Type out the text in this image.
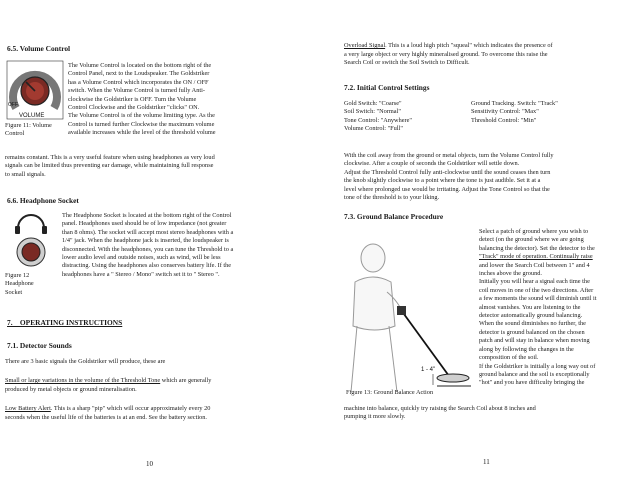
6.5. Volume Control
OFF
VOLUME
The Volume Control is located on the bottom right of the
Control Panel, next to the Loudspeaker. The Goldstriker
has a Volume Control which incorporates the ON / OFF
switch. When the Volume Control is turned fully Anti-
clockwise the Goldstriker is OFF. Turn the Volume
Control Clockwise and the Goldstriker "clicks" ON.
The Volume Control is of the volume limiting type. As the
Control is turned further Clockwise the maximum volume
available increases while the level of the threshold volume
Figure 11: Volume
Control
remains constant. This is a very useful feature when using headphones as very loud
signals can be limited thus preventing ear damage, while maintaining full response
to small signals.
6.6. Headphone Socket
The Headphone Socket is located at the bottom right of the Control
panel. Headphones used should be of low impedance (not greater
than 8 ohms). The socket will accept most stereo headphones with a
1/4" jack. When the headphone jack is inserted, the loudspeaker is
disconnected. With the headphones, you can tune the Threshold to a
lower audio level and outside noises, such as wind, will be less
distracting. Using the headphones also conserves battery life. If the
headphones have a " Stereo / Mono" switch set it to " Stereo ".
Figure 12
Headphone
Socket
7.    OPERATING INSTRUCTIONS
7.1. Detector Sounds
There are 3 basic signals the Goldstriker will produce, these are
Small or large variations in the volume of the Threshold Tone which are generally
produced by metal objects or ground mineralisation.
Low Battery Alert. This is a sharp "pip" which will occur approximately every 20
seconds when the useful life of the batteries is at an end. See the battery section.
10
Overload Signal. This is a loud high pitch "squeal" which indicates the presence of
a very large object or very highly mineralised ground. To overcome this raise the
Search Coil or switch the Soil Switch to Difficult.
7.2. Initial Control Settings
Gold Switch: "Coarse"
Soil Switch: "Normal"
Tone Control: "Anywhere"
Volume Control: "Full"
Ground Tracking. Switch: "Track"
Sensitivity Control: "Max"
Threshold Control: "Min"
With the coil away from the ground or metal objects, turn the Volume Control fully
clockwise. After a couple of seconds the Goldstriker will settle down.
Adjust the Threshold Control fully anti-clockwise until the sound ceases then turn
the knob slightly clockwise to a point where the tone is just audible. Set it at a
level where prolonged use would be irritating. Adjust the Tone Control so that the
tone of the threshold is to your liking.
7.3. Ground Balance Procedure
1 - 4"
Select a patch of ground where you wish to
detect (on the ground where we are going
balancing the detector). Set the detector to the
"Track" mode of operation. Continually raise
and lower the Search Coil between 1" and 4
inches above the ground.
Initially you will hear a signal each time the
coil moves in one of the two directions. After
a few moments the sound will diminish until it
almost vanishes. You are listening to the
detector automatically ground balancing.
When the sound diminishes no further, the
detector is ground balanced on the chosen
patch and will stay in balance when moving
along by following the changes in the
composition of the soil.
If the Goldstriker is initially a long way out of
ground balance and the soil is exceptionally
"hot" and you have difficulty bringing the
Figure 13: Ground Balance Action
machine into balance, quickly try raising the Search Coil about 8 inches and
pumping it more slowly.
11
